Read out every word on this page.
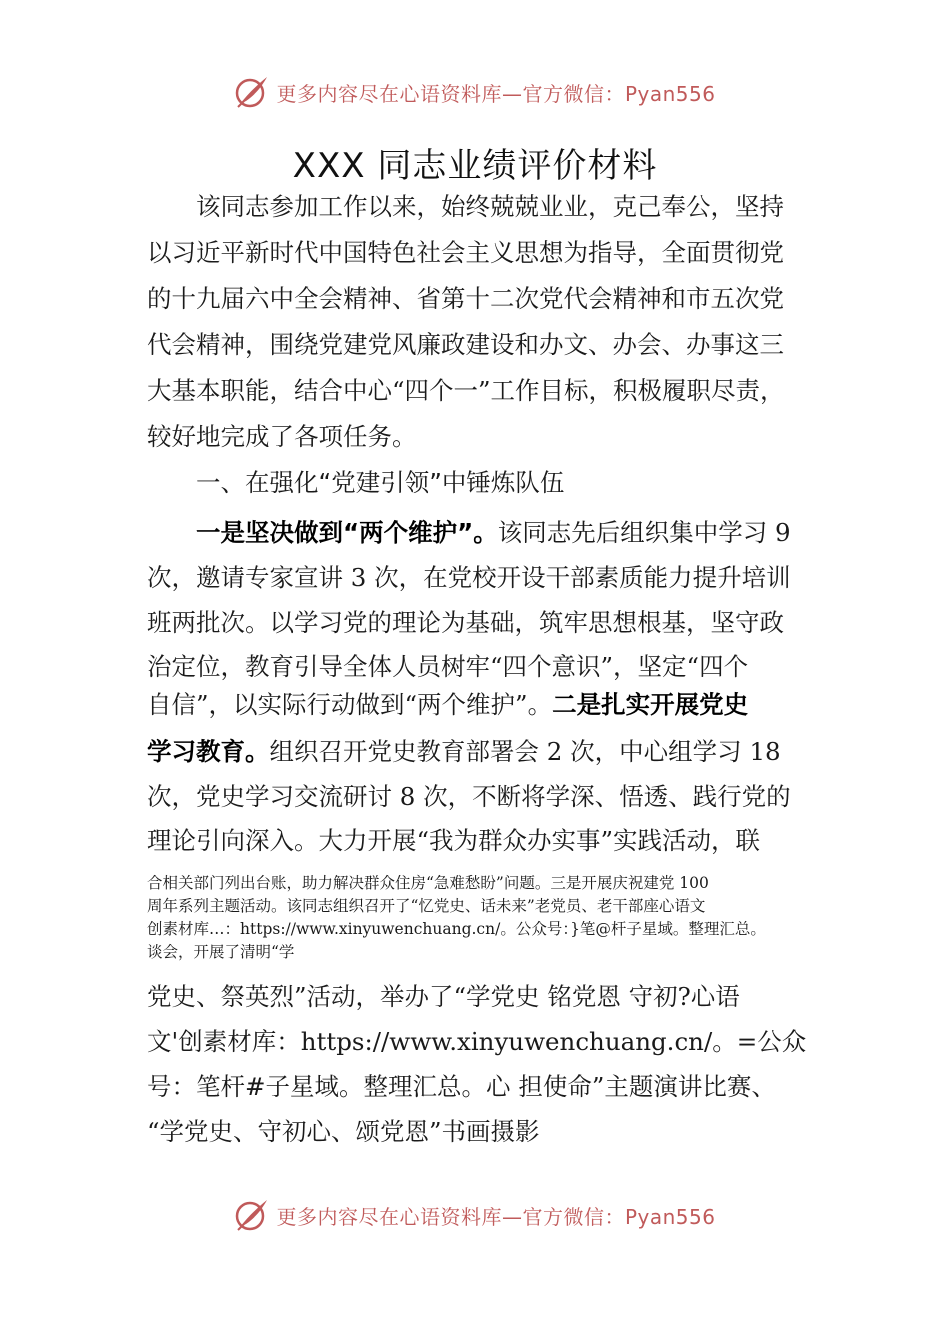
更多内容尽在心语资料库—官方微信：Pyan556
XXX 同志业绩评价材料
该同志参加工作以来，始终兢兢业业，克己奉公，坚持
以习近平新时代中国特色社会主义思想为指导，全面贯彻党
的十九届六中全会精神、省第十二次党代会精神和市五次党
代会精神，围绕党建党风廉政建设和办文、办会、办事这三
大基本职能，结合中心“四个一”工作目标，积极履职尽责，
较好地完成了各项任务。
一、在强化“党建引领”中锤炼队伍
一是坚决做到“两个维护”。该同志先后组织集中学习 9
次，邀请专家宣讲 3 次，在党校开设干部素质能力提升培训
班两批次。以学习党的理论为基础，筑牢思想根基，坚守政
治定位，教育引导全体人员树牢“四个意识”，坚定“四个
自信”，以实际行动做到“两个维护”。二是扎实开展党史
学习教育。组织召开党史教育部署会 2 次，中心组学习 18
次，党史学习交流研讨 8 次，不断将学深、悟透、践行党的
理论引向深入。大力开展“我为群众办实事”实践活动，联
合相关部门列出台账，助力解决群众住房“急难愁盼”问题。三是开展庆祝建党 100
周年系列主题活动。该同志组织召开了“忆党史、话未来”老党员、老干部座心语文
创素材库…：https://www.xinyuwenchuang.cn/。公众号：}笔@杆子星域。整理汇总。
谈会，开展了清明“学
党史、祭英烈”活动，举办了“学党史 铭党恩 守初?心语
文'创素材库：https://www.xinyuwenchuang.cn/。=公众
号：笔杆#子星域。整理汇总。心 担使命”主题演讲比赛、
“学党史、守初心、颂党恩”书画摄影
更多内容尽在心语资料库—官方微信：Pyan556
